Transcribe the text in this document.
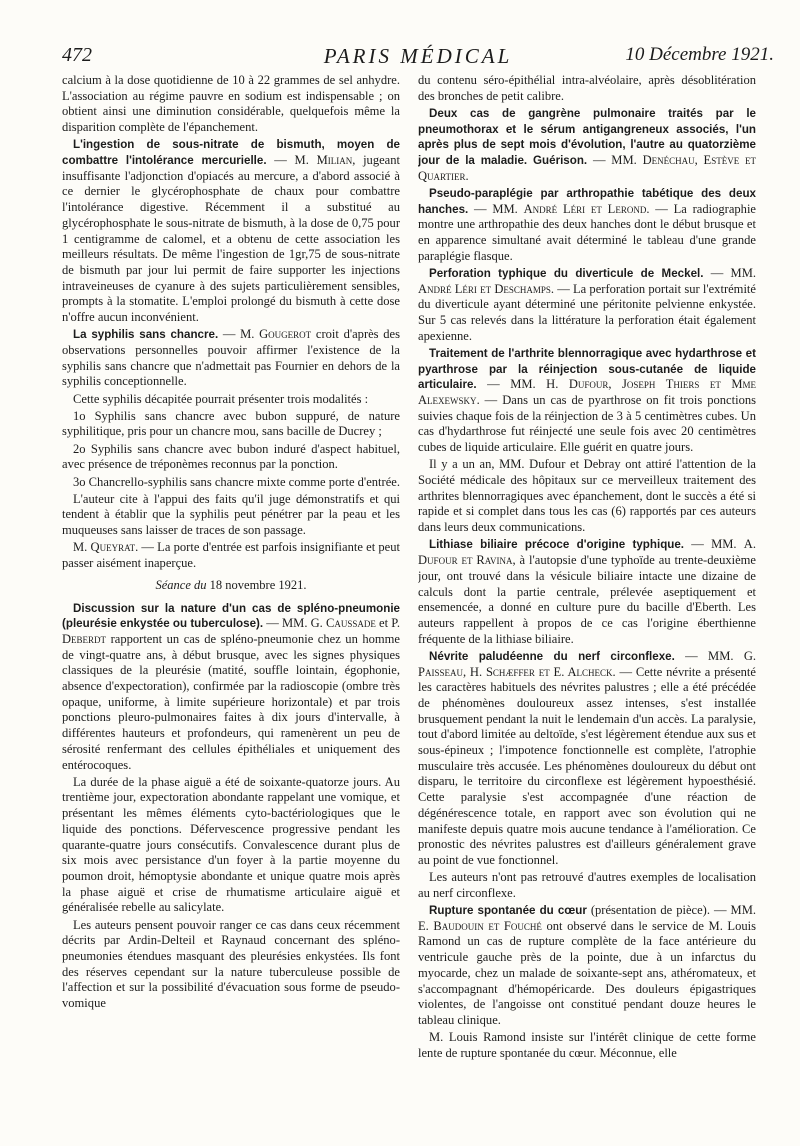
472	PARIS MÉDICAL	10 Décembre 1921.

calcium à la dose quotidienne de 10 à 22 grammes de sel anhydre. L'association au régime pauvre en sodium est indispensable ; on obtient ainsi une diminution considérable, quelquefois même la disparition complète de l'épanchement.

L'ingestion de sous-nitrate de bismuth, moyen de combattre l'intolérance mercurielle. — M. Milian, jugeant insuffisante l'adjonction d'opiacés au mercure, a d'abord associé à ce dernier le glycérophosphate de chaux pour combattre l'intolérance digestive. Récemment il a substitué au glycérophosphate le sous-nitrate de bismuth, à la dose de 0,75 pour 1 centigramme de calomel, et a obtenu de cette association les meilleurs résultats. De même l'ingestion de 1gr,75 de sous-nitrate de bismuth par jour lui permit de faire supporter les injections intraveineuses de cyanure à des sujets particulièrement sensibles, prompts à la stomatite. L'emploi prolongé du bismuth à cette dose n'offre aucun inconvénient.

La syphilis sans chancre. — M. Gougerot croit d'après des observations personnelles pouvoir affirmer l'existence de la syphilis sans chancre que n'admettait pas Fournier en dehors de la syphilis conceptionnelle.

Cette syphilis décapitée pourrait présenter trois modalités :

1o Syphilis sans chancre avec bubon suppuré, de nature syphilitique, pris pour un chancre mou, sans bacille de Ducrey ;

2o Syphilis sans chancre avec bubon induré d'aspect habituel, avec présence de tréponèmes reconnus par la ponction.

3o Chancrello-syphilis sans chancre mixte comme porte d'entrée.

L'auteur cite à l'appui des faits qu'il juge démonstratifs et qui tendent à établir que la syphilis peut pénétrer par la peau et les muqueuses sans laisser de traces de son passage.

M. Queyrat. — La porte d'entrée est parfois insignifiante et peut passer aisément inaperçue.

Séance du 18 novembre 1921.

Discussion sur la nature d'un cas de spléno-pneumonie (pleurésie enkystée ou tuberculose). — MM. G. Caussade et P. Deberdt rapportent un cas de spléno-pneumonie chez un homme de vingt-quatre ans, à début brusque, avec les signes physiques classiques de la pleurésie (matité, souffle lointain, égophonie, absence d'expectoration), confirmée par la radioscopie (ombre très opaque, uniforme, à limite supérieure horizontale) et par trois ponctions pleuro-pulmonaires faites à dix jours d'intervalle, à différentes hauteurs et profondeurs, qui ramenèrent un peu de sérosité renfermant des cellules épithéliales et uniquement des entérocoques.

La durée de la phase aiguë a été de soixante-quatorze jours. Au trentième jour, expectoration abondante rappelant une vomique, et présentant les mêmes éléments cyto-bactériologiques que le liquide des ponctions. Défervescence progressive pendant les quarante-quatre jours consécutifs. Convalescence durant plus de six mois avec persistance d'un foyer à la partie moyenne du poumon droit, hémoptysie abondante et unique quatre mois après la phase aiguë et crise de rhumatisme articulaire aiguë et généralisée rebelle au salicylate.

Les auteurs pensent pouvoir ranger ce cas dans ceux récemment décrits par Ardin-Delteil et Raynaud concernant des spléno-pneumonies étendues masquant des pleurésies enkystées. Ils font des réserves cependant sur la nature tuberculeuse possible de l'affection et sur la possibilité d'évacuation sous forme de pseudo-vomique

du contenu séro-épithélial intra-alvéolaire, après désoblitération des bronches de petit calibre.

Deux cas de gangrène pulmonaire traités par le pneumothorax et le sérum antigangreneux associés, l'un après plus de sept mois d'évolution, l'autre au quatorzième jour de la maladie. Guérison. — MM. Denéchau, Estève et Quartier.

Pseudo-paraplégie par arthropathie tabétique des deux hanches. — MM. André Léri et Lerond. — La radiographie montre une arthropathie des deux hanches dont le début brusque et en apparence simultané avait déterminé le tableau d'une grande paraplégie flasque.

Perforation typhique du diverticule de Meckel. — MM. André Léri et Deschamps. — La perforation portait sur l'extrémité du diverticule ayant déterminé une péritonite pelvienne enkystée. Sur 5 cas relevés dans la littérature la perforation était également apexienne.

Traitement de l'arthrite blennorragique avec hydarthrose et pyarthrose par la réinjection sous-cutanée de liquide articulaire. — MM. H. Dufour, Joseph Thiers et Mme Alexewsky. — Dans un cas de pyarthrose on fit trois ponctions suivies chaque fois de la réinjection de 3 à 5 centimètres cubes. Un cas d'hydarthrose fut réinjecté une seule fois avec 20 centimètres cubes de liquide articulaire. Elle guérit en quatre jours.

Il y a un an, MM. Dufour et Debray ont attiré l'attention de la Société médicale des hôpitaux sur ce merveilleux traitement des arthrites blennorragiques avec épanchement, dont le succès a été si rapide et si complet dans tous les cas (6) rapportés par ces auteurs dans leurs deux communications.

Lithiase biliaire précoce d'origine typhique. — MM. A. Dufour et Ravina, à l'autopsie d'une typhoïde au trente-deuxième jour, ont trouvé dans la vésicule biliaire intacte une dizaine de calculs dont la partie centrale, prélevée aseptiquement et ensemencée, a donné en culture pure du bacille d'Eberth. Les auteurs rappellent à propos de ce cas l'origine éberthienne fréquente de la lithiase biliaire.

Névrite paludéenne du nerf circonflexe. — MM. G. Paisseau, H. Schæffer et E. Alcheck. — Cette névrite a présenté les caractères habituels des névrites palustres ; elle a été précédée de phénomènes douloureux assez intenses, s'est installée brusquement pendant la nuit le lendemain d'un accès. La paralysie, tout d'abord limitée au deltoïde, s'est légèrement étendue aux sus et sous-épineux ; l'impotence fonctionnelle est complète, l'atrophie musculaire très accusée. Les phénomènes douloureux du début ont disparu, le territoire du circonflexe est légèrement hypoesthésié. Cette paralysie s'est accompagnée d'une réaction de dégénérescence totale, en rapport avec son évolution qui ne manifeste depuis quatre mois aucune tendance à l'amélioration. Ce pronostic des névrites palustres est d'ailleurs généralement grave au point de vue fonctionnel.

Les auteurs n'ont pas retrouvé d'autres exemples de localisation au nerf circonflexe.

Rupture spontanée du cœur (présentation de pièce). — MM. E. Baudouin et Fouché ont observé dans le service de M. Louis Ramond un cas de rupture complète de la face antérieure du ventricule gauche près de la pointe, due à un infarctus du myocarde, chez un malade de soixante-sept ans, athéromateux, et s'accompagnant d'hémopéricarde. Des douleurs épigastriques violentes, de l'angoisse ont constitué pendant douze heures le tableau clinique.

M. Louis Ramond insiste sur l'intérêt clinique de cette forme lente de rupture spontanée du cœur. Méconnue, elle
